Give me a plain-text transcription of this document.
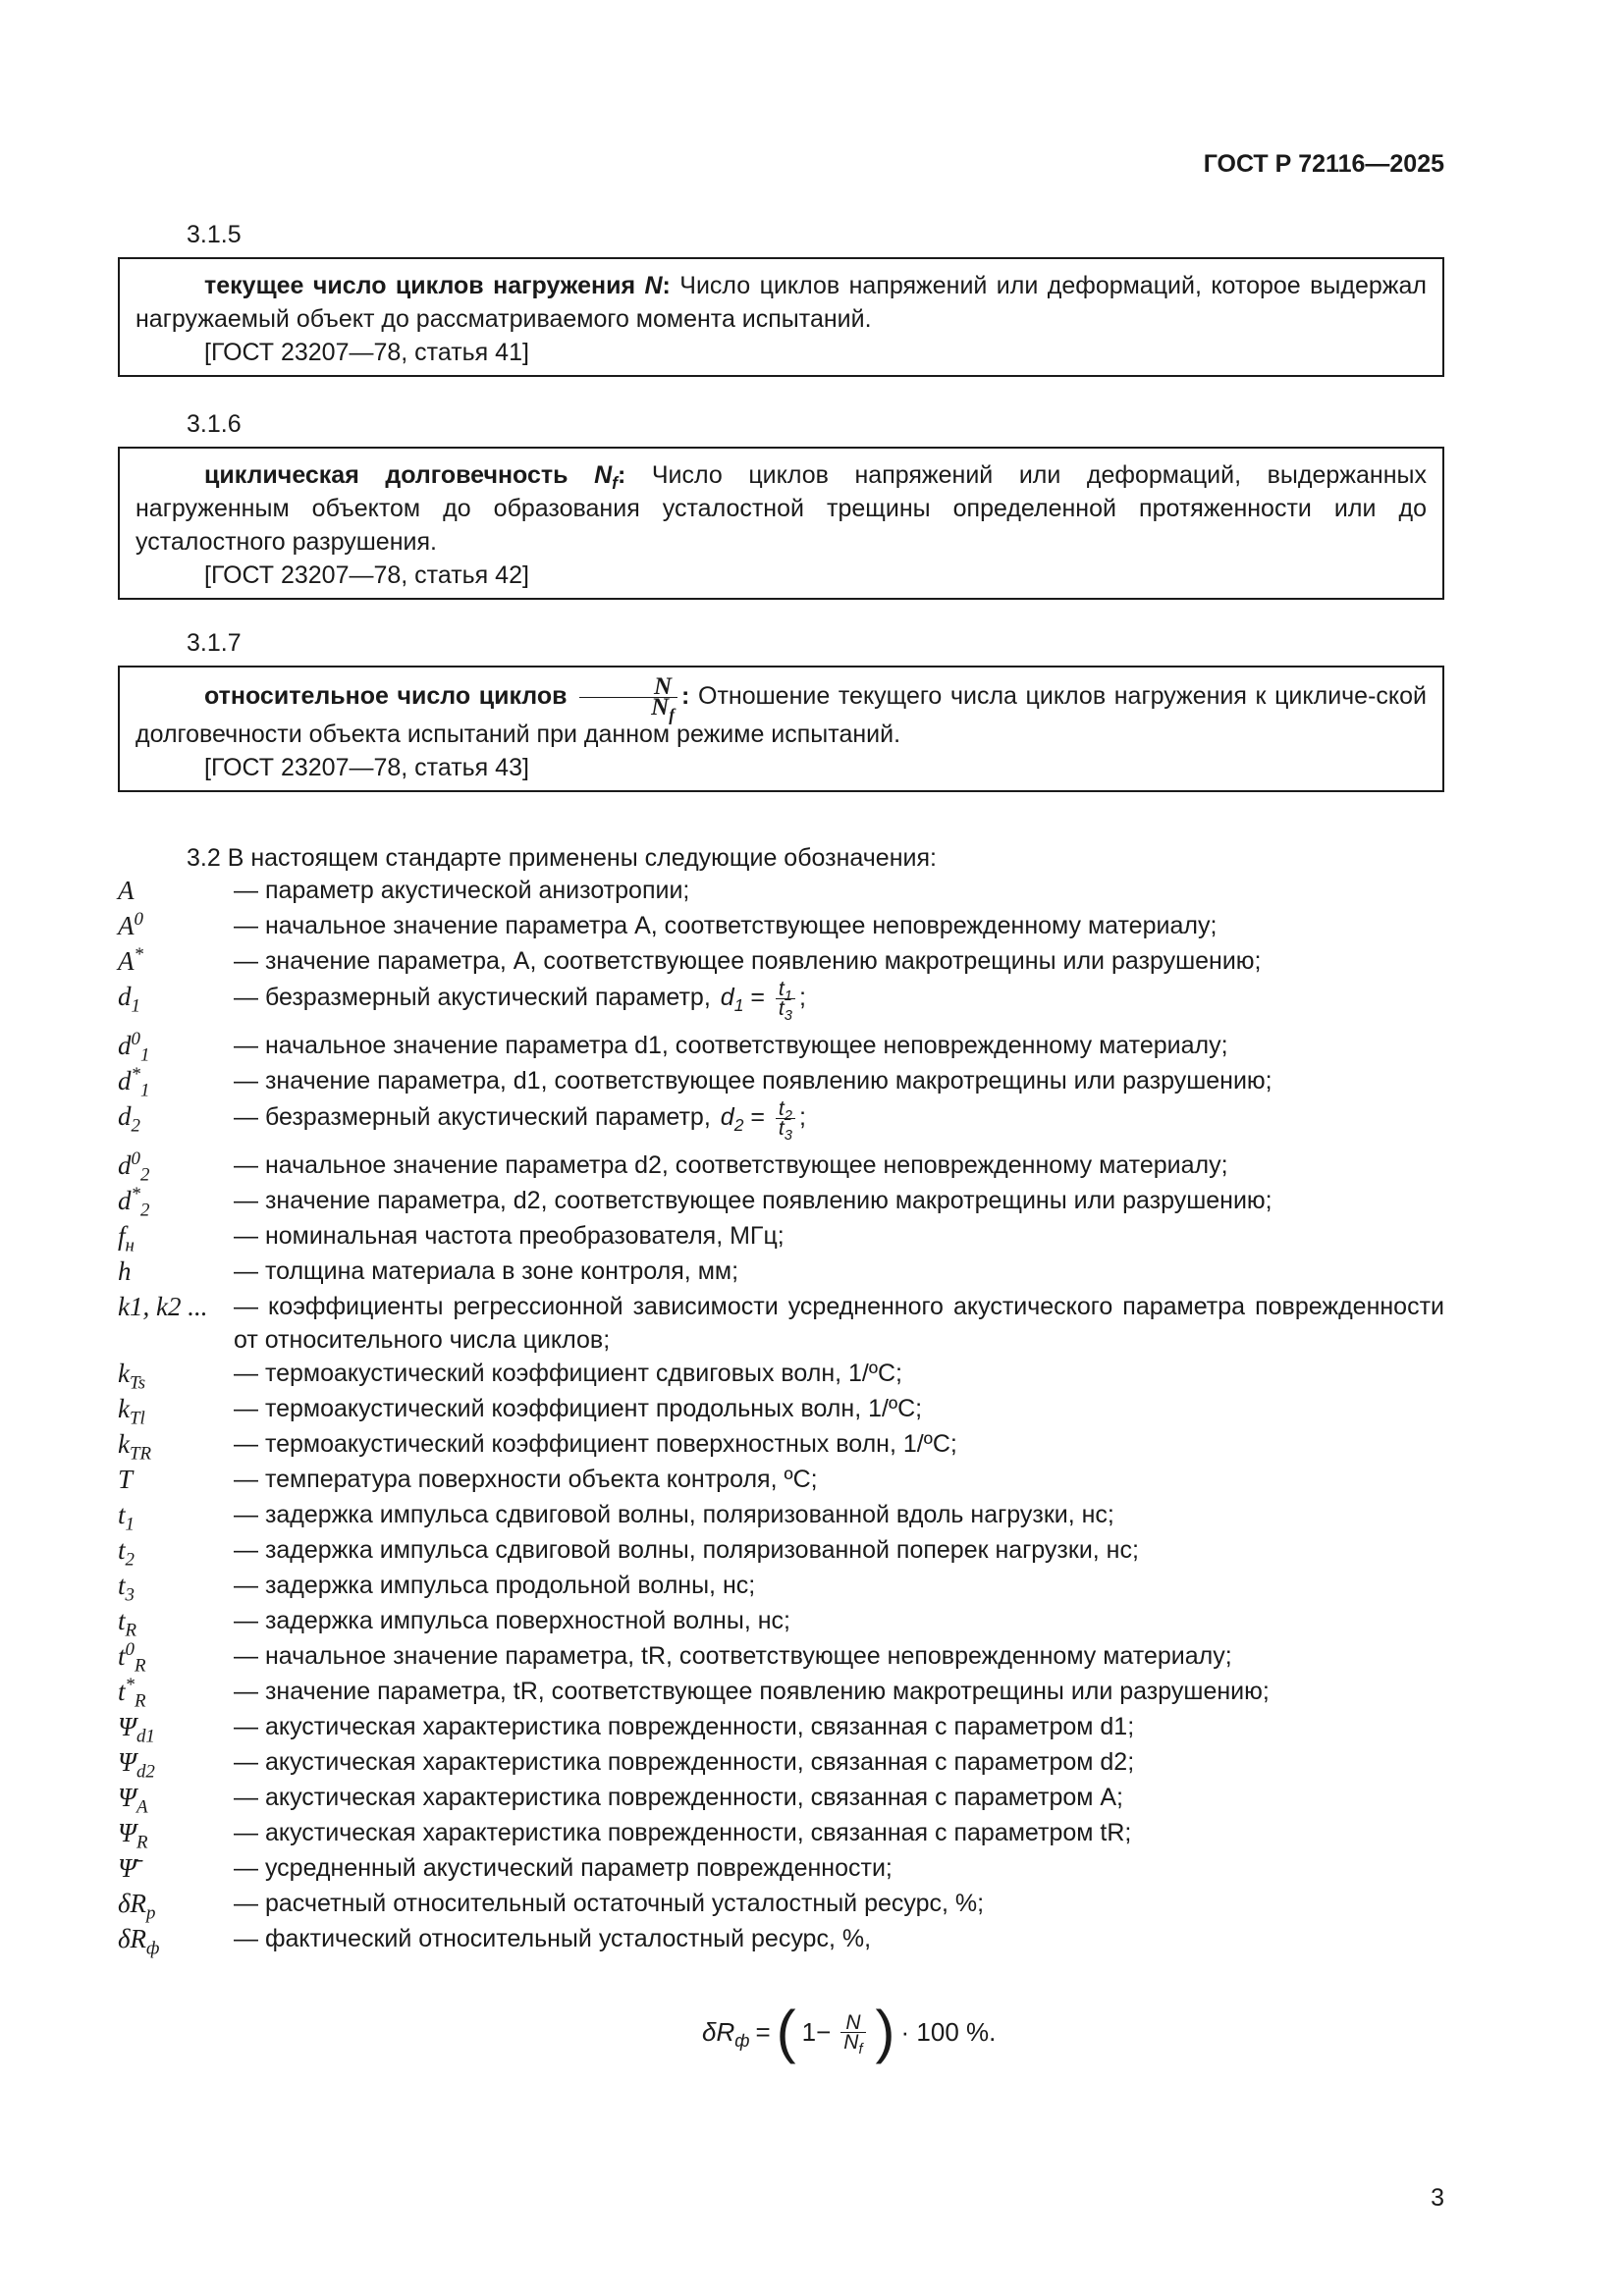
ГОСТ Р 72116—2025
3.1.5

текущее число циклов нагружения N: Число циклов напряжений или деформаций, которое выдержал нагружаемый объект до рассматриваемого момента испытаний.

[ГОСТ 23207—78, статья 41]

3.1.6

циклическая долговечность $N_f$: Число циклов напряжений или деформаций, выдержанных нагруженным объектом до образования усталостной трещины определенной протяженности или до усталостного разрушения.

[ГОСТ 23207—78, статья 42]

3.1.7

относительное число циклов $\frac{N}{N_f}$ : Отношение текущего числа циклов нагружения к цикличе-ской долговечности объекта испытаний при данном режиме испытаний.

[ГОСТ 23207—78, статья 43]

3.2 В настоящем стандарте применены следующие обозначения:
A	— параметр акустической анизотропии;
$A^0$	— начальное значение параметра A, соответствующее неповрежденному материалу;
A*	— значение параметра, A, соответствующее появлению макротрещины или разрушению;
$d_1$	— безразмерный акустический параметр, $d_1 = \frac{t_1}{t_3}$ ;
$d^0_1$	— начальное значение параметра d1, соответствующее неповрежденному материалу;
$d^*_1$	— значение параметра, d1, соответствующее появлению макротрещины или разрушению;
$d_2$	— безразмерный акустический параметр, $d_2 = \frac{t_2}{t_3}$ ;
$d^0_2$	— начальное значение параметра d2, соответствующее неповрежденному материалу;
$d^*_2$	— значение параметра, d2, соответствующее появлению макротрещины или разрушению;
$f_н$	— номинальная частота преобразователя, МГц;
h	— толщина материала в зоне контроля, мм;
k1, k2 ...	— коэффициенты регрессионной зависимости усредненного акустического параметра поврежденности от относительного числа циклов;
$k_{Ts}$	— термоакустический коэффициент сдвиговых волн, 1/ºC;
$k_{Tl}$	— термоакустический коэффициент продольных волн, 1/ºC;
$k_{TR}$	— термоакустический коэффициент поверхностных волн, 1/ºC;
T	— температура поверхности объекта контроля, ºC;
$t_1$	— задержка импульса сдвиговой волны, поляризованной вдоль нагрузки, нс;
$t_2$	— задержка импульса сдвиговой волны, поляризованной поперек нагрузки, нс;
$t_3$	— задержка импульса продольной волны, нс;
$t_R$	— задержка импульса поверхностной волны, нс;
$t^0_R$	— начальное значение параметра, tR, соответствующее неповрежденному материалу;
$t^*_R$	— значение параметра, tR, соответствующее появлению макротрещины или разрушению;
$\Psi_{d1}$	— акустическая характеристика поврежденности, связанная с параметром d1;
$\Psi_{d2}$	— акустическая характеристика поврежденности, связанная с параметром d2;
$\Psi_A$	— акустическая характеристика поврежденности, связанная с параметром A;
$\Psi_R$	— акустическая характеристика поврежденности, связанная с параметром tR;
Ψ̄	— усредненный акустический параметр поврежденности;
$\delta R_р$	— расчетный относительный остаточный усталостный ресурс, %;
$\delta R_ф$	— фактический относительный усталостный ресурс, %,
$\delta R_ф$ = ( $1- \frac{N}{N_f}$ ) · 100 %.
3
